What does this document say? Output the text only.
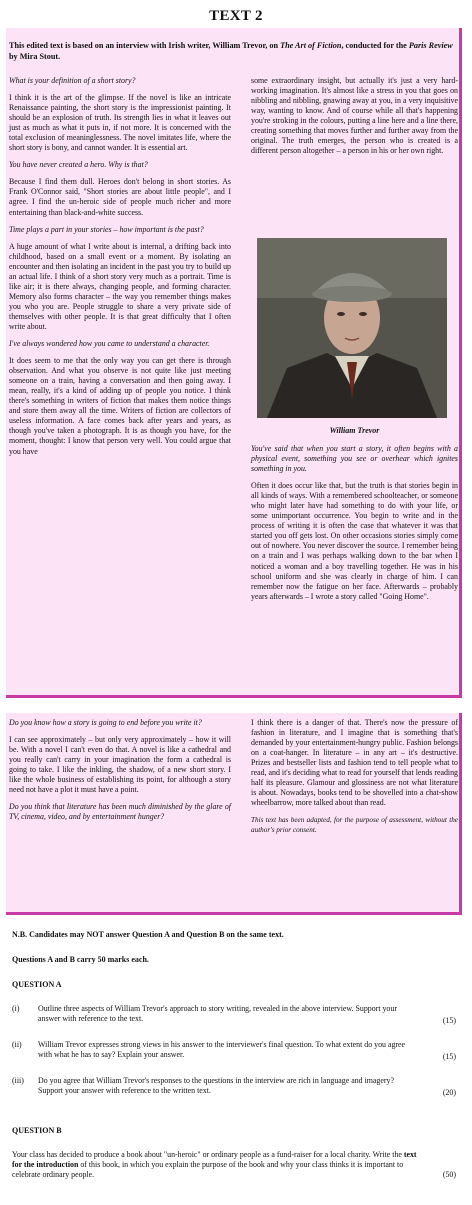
TEXT 2
This edited text is based on an interview with Irish writer, William Trevor, on The Art of Fiction, conducted for the Paris Review by Mira Stout.

What is your definition of a short story?

I think it is the art of the glimpse. If the novel is like an intricate Renaissance painting, the short story is the impressionist painting. It should be an explosion of truth. Its strength lies in what it leaves out just as much as what it puts in, if not more. It is concerned with the total exclusion of meaninglessness. The novel imitates life, where the short story is bony, and cannot wander. It is essential art.

You have never created a hero. Why is that?

Because I find them dull. Heroes don't belong in short stories. As Frank O'Connor said, "Short stories are about little people", and I agree. I find the un-heroic side of people much richer and more entertaining than black-and-white success.

Time plays a part in your stories – how important is the past?

A huge amount of what I write about is internal, a drifting back into childhood, based on a small event or a moment. By isolating an encounter and then isolating an incident in the past you try to build up an actual life. I think of a short story very much as a portrait. Time is like air; it is there always, changing people, and forming character. Memory also forms character – the way you remember things makes you who you are. People struggle to share a very private side of themselves with other people. It is that great difficulty that I often write about.

I've always wondered how you came to understand a character.

It does seem to me that the only way you can get there is through observation. And what you observe is not quite like just meeting someone on a train, having a conversation and then going away. I mean, really, it's a kind of adding up of people you notice. I think there's something in writers of fiction that makes them notice things and store them away all the time. Writers of fiction are collectors of useless information. A face comes back after years and years, as though you've taken a photograph. It is as though you have, for the moment, thought: I know that person very well. You could argue that you have

some extraordinary insight, but actually it's just a very hard-working imagination. It's almost like a stress in you that goes on nibbling and nibbling, gnawing away at you, in a very inquisitive way, wanting to know. And of course while all that's happening you're stroking in the colours, putting a line here and a line there, creating something that moves further and further away from the original. The truth emerges, the person who is created is a different person altogether – a person in his or her own right.

William Trevor

You've said that when you start a story, it often begins with a physical event, something you see or overhear which ignites something in you.

Often it does occur like that, but the truth is that stories begin in all kinds of ways. With a remembered schoolteacher, or someone who might later have had something to do with your life, or some unimportant occurrence. You begin to write and in the process of writing it is often the case that whatever it was that started you off gets lost. On other occasions stories simply come out of nowhere. You never discover the source. I remember being on a train and I was perhaps walking down to the bar when I noticed a woman and a boy travelling together. He was in his school uniform and she was clearly in charge of him. I can remember now the fatigue on her face. Afterwards – probably years afterwards – I wrote a story called "Going Home".

Do you know how a story is going to end before you write it?

I can see approximately – but only very approximately – how it will be. With a novel I can't even do that. A novel is like a cathedral and you really can't carry in your imagination the form a cathedral is going to take. I like the inkling, the shadow, of a new short story. I like the whole business of establishing its point, for although a story need not have a plot it must have a point.

Do you think that literature has been much diminished by the glare of TV, cinema, video, and by entertainment hunger?

I think there is a danger of that. There's now the pressure of fashion in literature, and I imagine that is something that's demanded by your entertainment-hungry public. Fashion belongs on a coat-hanger. In literature – in any art – it's destructive. Prizes and bestseller lists and fashion tend to tell people what to read, and it's deciding what to read for yourself that lends reading half its pleasure. Glamour and glossiness are not what literature is about. Nowadays, books tend to be shovelled into a chat-show wheelbarrow, more talked about than read.

This text has been adapted, for the purpose of assessment, without the author's prior consent.

N.B. Candidates may NOT answer Question A and Question B on the same text.
Questions A and B carry 50 marks each.
QUESTION A
(i) Outline three aspects of William Trevor's approach to story writing, revealed in the above interview. Support your answer with reference to the text.	(15)
(ii) William Trevor expresses strong views in his answer to the interviewer's final question. To what extent do you agree with what he has to say? Explain your answer.	(15)
(iii) Do you agree that William Trevor's responses to the questions in the interview are rich in language and imagery? Support your answer with reference to the written text.	(20)
QUESTION B
Your class has decided to produce a book about "un-heroic" or ordinary people as a fund-raiser for a local charity. Write the text for the introduction of this book, in which you explain the purpose of the book and why your class thinks it is important to celebrate ordinary people.	(50)
